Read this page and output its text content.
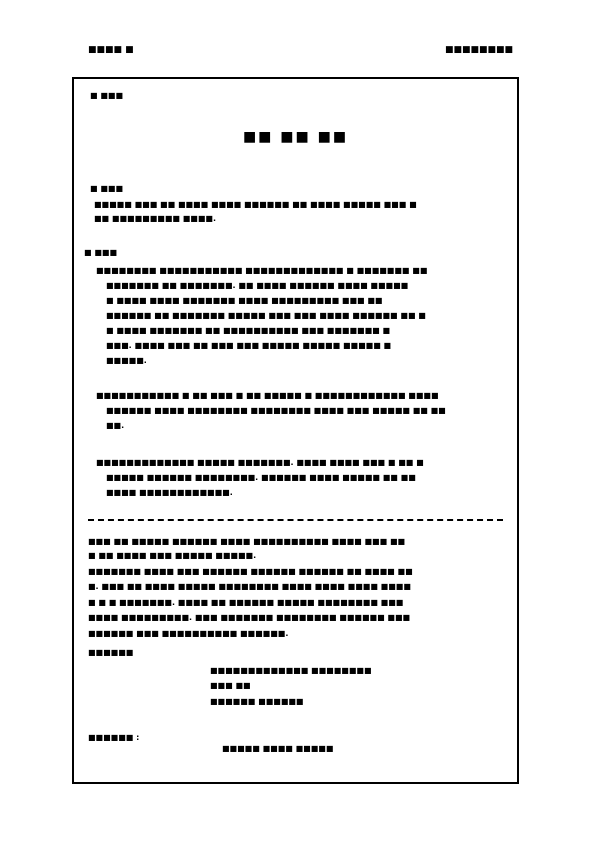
■■■■ ■	■■■■■■■■
■ ■■■
■■ ■■ ■■
■ ■■■
■■■■■ ■■■ ■■ ■■■■ ■■■■ ■■■■■■ ■■ ■■■■ ■■■■■ ■■■ ■
■■ ■■■■■■■■■ ■■■■.
■ ■■■
■■■■■■■■ ■■■■■■■■■■■ ■■■■■■■■■■■■■ ■ ■■■■■■■ ■■
■■■■■■■ ■■ ■■■■■■■. ■■ ■■■■ ■■■■■■ ■■■■ ■■■■■
■ ■■■■ ■■■■ ■■■■■■■ ■■■■ ■■■■■■■■■ ■■■ ■■
■■■■■■ ■■ ■■■■■■■ ■■■■■ ■■■ ■■■ ■■■■ ■■■■■■ ■■ ■
■ ■■■■ ■■■■■■■ ■■ ■■■■■■■■■■ ■■■ ■■■■■■■ ■
■■■. ■■■■ ■■■ ■■ ■■■ ■■■ ■■■■■ ■■■■■ ■■■■■ ■
■■■■■.
■■■■■■■■■■■ ■ ■■ ■■■ ■ ■■ ■■■■■ ■ ■■■■■■■■■■■■ ■■■■
■■■■■■ ■■■■ ■■■■■■■■ ■■■■■■■■ ■■■■ ■■■ ■■■■■ ■■ ■■
■■.
■■■■■■■■■■■■■ ■■■■■ ■■■■■■■. ■■■■ ■■■■ ■■■ ■ ■■ ■
■■■■■ ■■■■■■ ■■■■■■■■. ■■■■■■ ■■■■ ■■■■■ ■■ ■■
■■■■ ■■■■■■■■■■■■.
■■■ ■■ ■■■■■ ■■■■■■ ■■■■ ■■■■■■■■■■ ■■■■ ■■■ ■■
■ ■■ ■■■■ ■■■ ■■■■■ ■■■■■.
■■■■■■■ ■■■■ ■■■ ■■■■■■ ■■■■■■ ■■■■■■ ■■ ■■■■ ■■
■. ■■■ ■■ ■■■■ ■■■■■ ■■■■■■■■ ■■■■ ■■■■ ■■■■ ■■■■
■ ■ ■ ■■■■■■■. ■■■■ ■■ ■■■■■■ ■■■■■ ■■■■■■■■ ■■■
■■■■ ■■■■■■■■■. ■■■ ■■■■■■■ ■■■■■■■■ ■■■■■■ ■■■
■■■■■■ ■■■ ■■■■■■■■■■ ■■■■■■.
■■■■■■
■■■■■■■■■■■■■ ■■■■■■■■
■■■ ■■
■■■■■■ ■■■■■■
■■■■■■ :
■■■■■ ■■■■ ■■■■■
